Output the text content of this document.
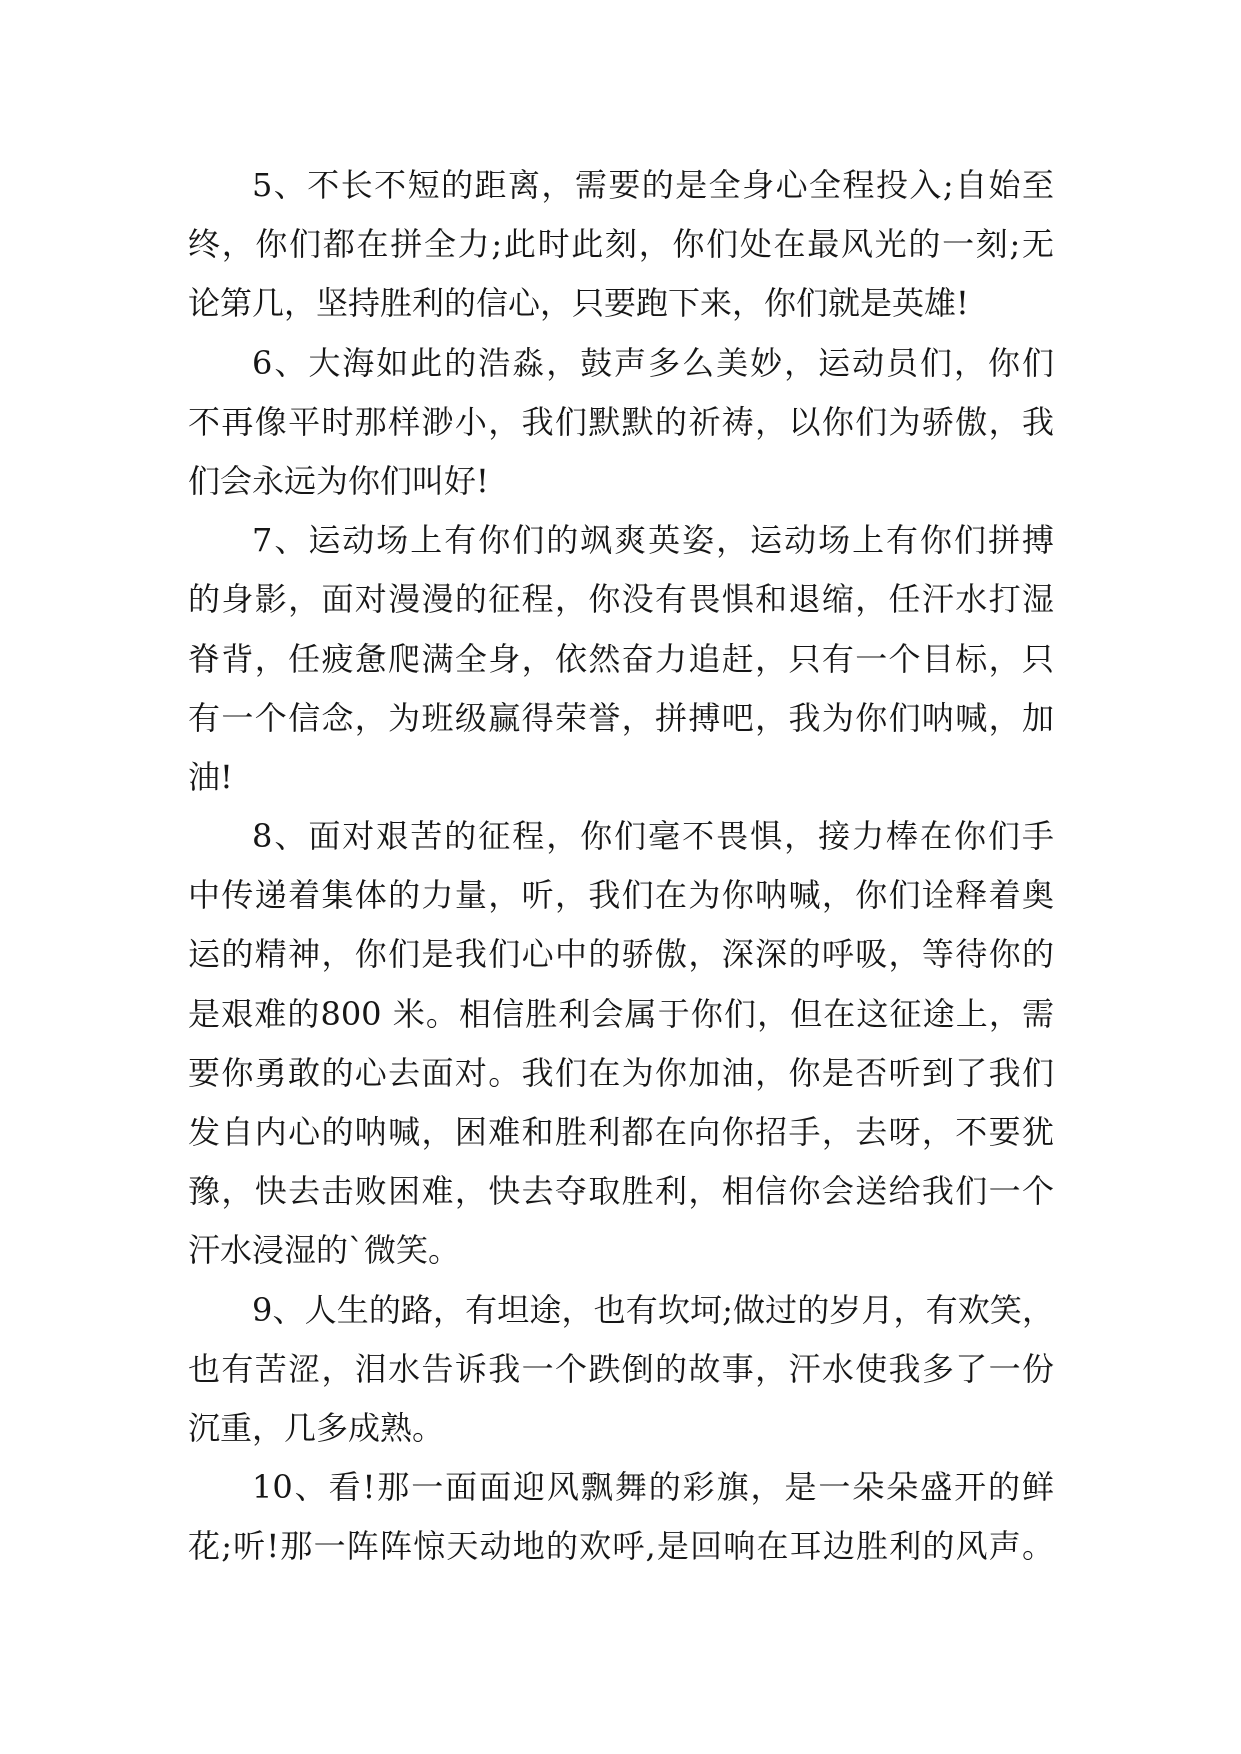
5、不长不短的距离，需要的是全身心全程投入;自始至
终，你们都在拼全力;此时此刻，你们处在最风光的一刻;无
论第几，坚持胜利的信心，只要跑下来，你们就是英雄!
6、大海如此的浩淼，鼓声多么美妙，运动员们，你们
不再像平时那样渺小，我们默默的祈祷，以你们为骄傲，我
们会永远为你们叫好!
7、运动场上有你们的飒爽英姿，运动场上有你们拼搏
的身影，面对漫漫的征程，你没有畏惧和退缩，任汗水打湿
脊背，任疲惫爬满全身，依然奋力追赶，只有一个目标，只
有一个信念，为班级赢得荣誉，拼搏吧，我为你们呐喊，加
油!
8、面对艰苦的征程，你们毫不畏惧，接力棒在你们手
中传递着集体的力量，听，我们在为你呐喊，你们诠释着奥
运的精神，你们是我们心中的骄傲，深深的呼吸，等待你的
是艰难的800 米。相信胜利会属于你们，但在这征途上，需
要你勇敢的心去面对。我们在为你加油，你是否听到了我们
发自内心的呐喊，困难和胜利都在向你招手，去呀，不要犹
豫，快去击败困难，快去夺取胜利，相信你会送给我们一个
汗水浸湿的`微笑。
9、人生的路，有坦途，也有坎坷;做过的岁月，有欢笑，
也有苦涩，泪水告诉我一个跌倒的故事，汗水使我多了一份
沉重，几多成熟。
10、看!那一面面迎风飘舞的彩旗，是一朵朵盛开的鲜
花;听!那一阵阵惊天动地的欢呼,是回响在耳边胜利的风声。
